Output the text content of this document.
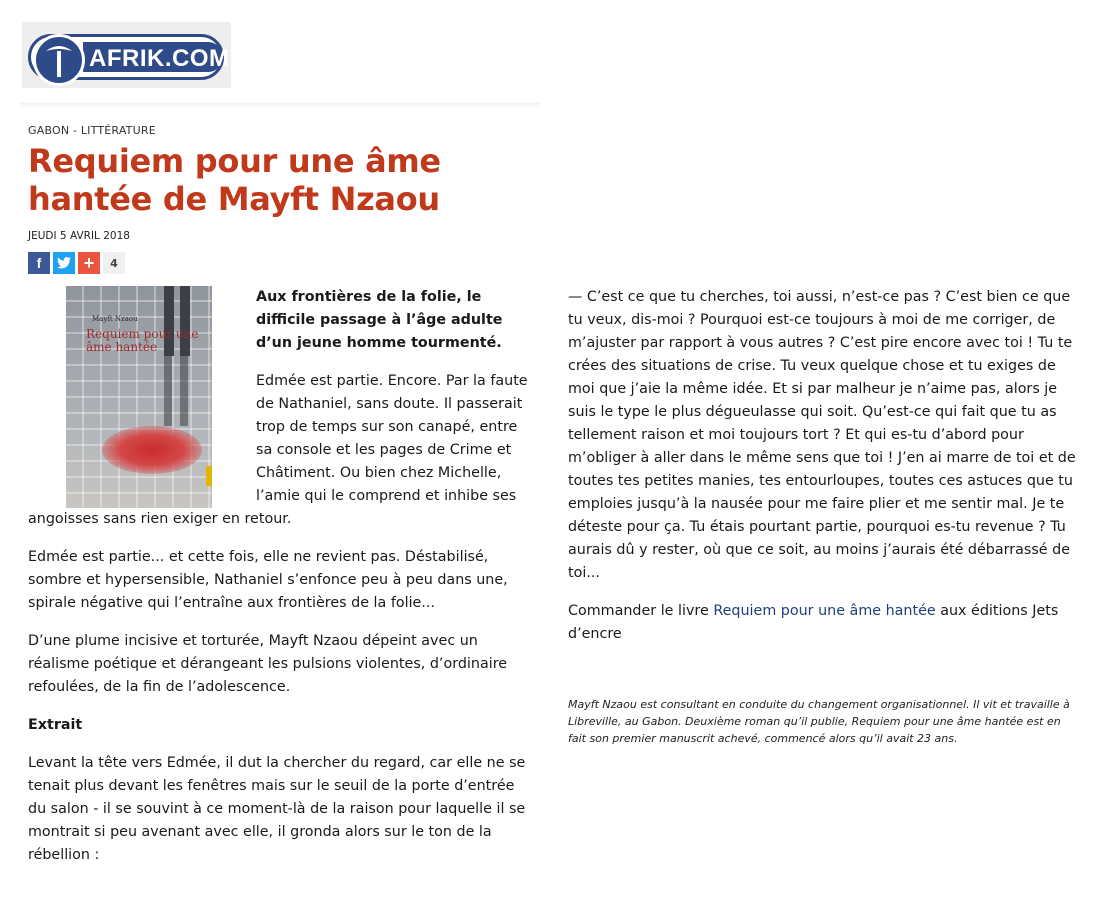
AFRIK.COM
GABON - LITTÉRATURE
Requiem pour une âme hantée de Mayft Nzaou
JEUDI 5 AVRIL 2018
f	+	4
Mayft Nzaou
Requiem pour une âme hantée

Aux frontières de la folie, le difficile passage à l’âge adulte d’un jeune homme tourmenté.

Edmée est partie. Encore. Par la faute de Nathaniel, sans doute. Il passerait trop de temps sur son canapé, entre sa console et les pages de Crime et Châtiment. Ou bien chez Michelle, l’amie qui le comprend et inhibe ses angoisses sans rien exiger en retour.

Edmée est partie... et cette fois, elle ne revient pas. Déstabilisé, sombre et hypersensible, Nathaniel s’enfonce peu à peu dans une, spirale négative qui l’entraîne aux frontières de la folie...

D’une plume incisive et torturée, Mayft Nzaou dépeint avec un réalisme poétique et dérangeant les pulsions violentes, d’ordinaire refoulées, de la fin de l’adolescence.

Extrait

Levant la tête vers Edmée, il dut la chercher du regard, car elle ne se tenait plus devant les fenêtres mais sur le seuil de la porte d’entrée du salon - il se souvint à ce moment-là de la raison pour laquelle il se montrait si peu avenant avec elle, il gronda alors sur le ton de la rébellion :

— C’est ce que tu cherches, toi aussi, n’est-ce pas ? C’est bien ce que tu veux, dis-moi ? Pourquoi est-ce toujours à moi de me corriger, de m’ajuster par rapport à vous autres ? C’est pire encore avec toi ! Tu te crées des situations de crise. Tu veux quelque chose et tu exiges de moi que j’aie la même idée. Et si par malheur je n’aime pas, alors je suis le type le plus dégueulasse qui soit. Qu’est-ce qui fait que tu as tellement raison et moi toujours tort ? Et qui es-tu d’abord pour m’obliger à aller dans le même sens que toi ! J’en ai marre de toi et de toutes tes petites manies, tes entourloupes, toutes ces astuces que tu emploies jusqu’à la nausée pour me faire plier et me sentir mal. Je te déteste pour ça. Tu étais pourtant partie, pourquoi es-tu revenue ? Tu aurais dû y rester, où que ce soit, au moins j’aurais été débarrassé de toi...

Commander le livre Requiem pour une âme hantée aux éditions Jets d’encre

Mayft Nzaou est consultant en conduite du changement organisationnel. Il vit et travaille à Libreville, au Gabon. Deuxième roman qu’il publie, Requiem pour une âme hantée est en fait son premier manuscrit achevé, commencé alors qu’il avait 23 ans.
